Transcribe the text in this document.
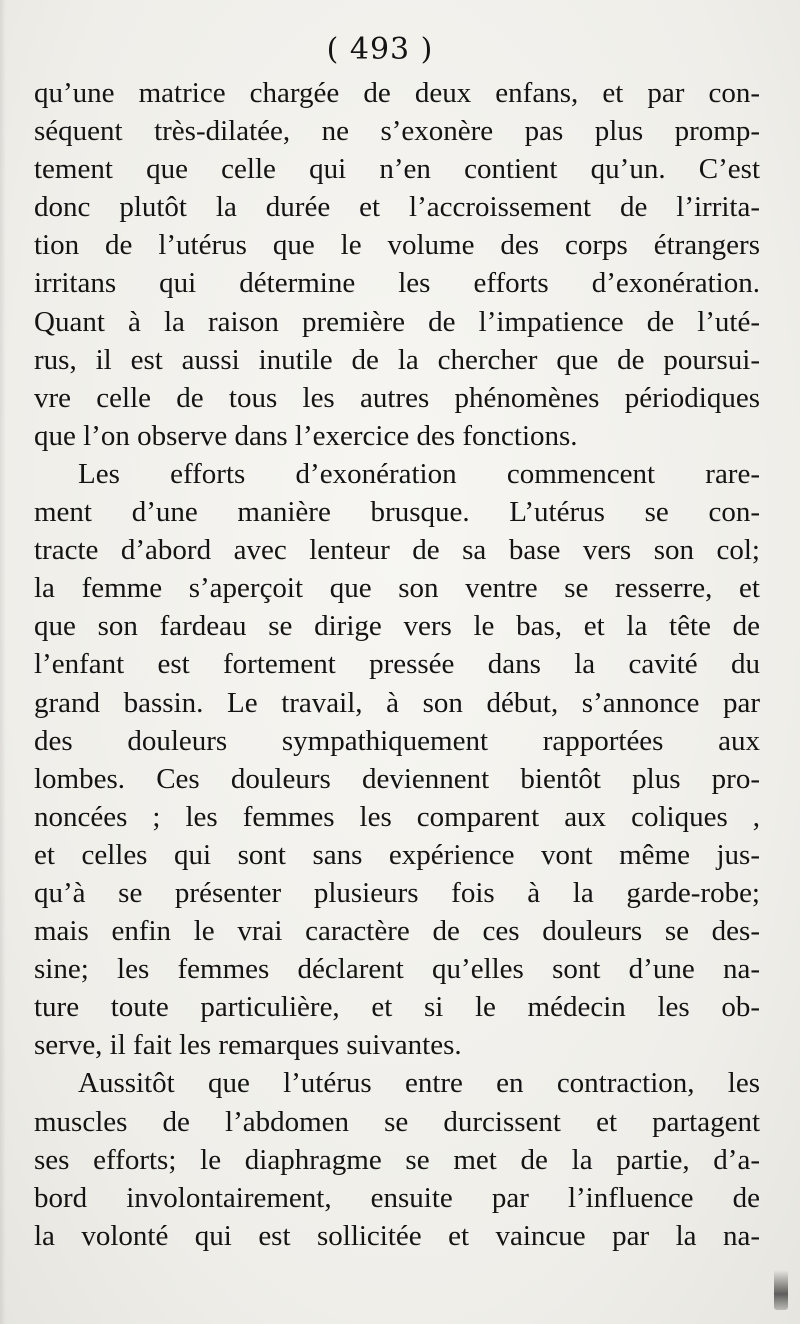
( 493 )
qu’une matrice chargée de deux enfans, et par con-
séquent très-dilatée, ne s’exonère pas plus promp-
tement que celle qui n’en contient qu’un. C’est
donc plutôt la durée et l’accroissement de l’irrita-
tion de l’utérus que le volume des corps étrangers
irritans qui détermine les efforts d’exonération.
Quant à la raison première de l’impatience de l’uté-
rus, il est aussi inutile de la chercher que de poursui-
vre celle de tous les autres phénomènes périodiques
que l’on observe dans l’exercice des fonctions.
Les efforts d’exonération commencent rare-
ment d’une manière brusque. L’utérus se con-
tracte d’abord avec lenteur de sa base vers son col;
la femme s’aperçoit que son ventre se resserre, et
que son fardeau se dirige vers le bas, et la tête de
l’enfant est fortement pressée dans la cavité du
grand bassin. Le travail, à son début, s’annonce par
des douleurs sympathiquement rapportées aux
lombes. Ces douleurs deviennent bientôt plus pro-
noncées ; les femmes les comparent aux coliques ,
et celles qui sont sans expérience vont même jus-
qu’à se présenter plusieurs fois à la garde-robe;
mais enfin le vrai caractère de ces douleurs se des-
sine; les femmes déclarent qu’elles sont d’une na-
ture toute particulière, et si le médecin les ob-
serve, il fait les remarques suivantes.
Aussitôt que l’utérus entre en contraction, les
muscles de l’abdomen se durcissent et partagent
ses efforts; le diaphragme se met de la partie, d’a-
bord involontairement, ensuite par l’influence de
la volonté qui est sollicitée et vaincue par la na-
